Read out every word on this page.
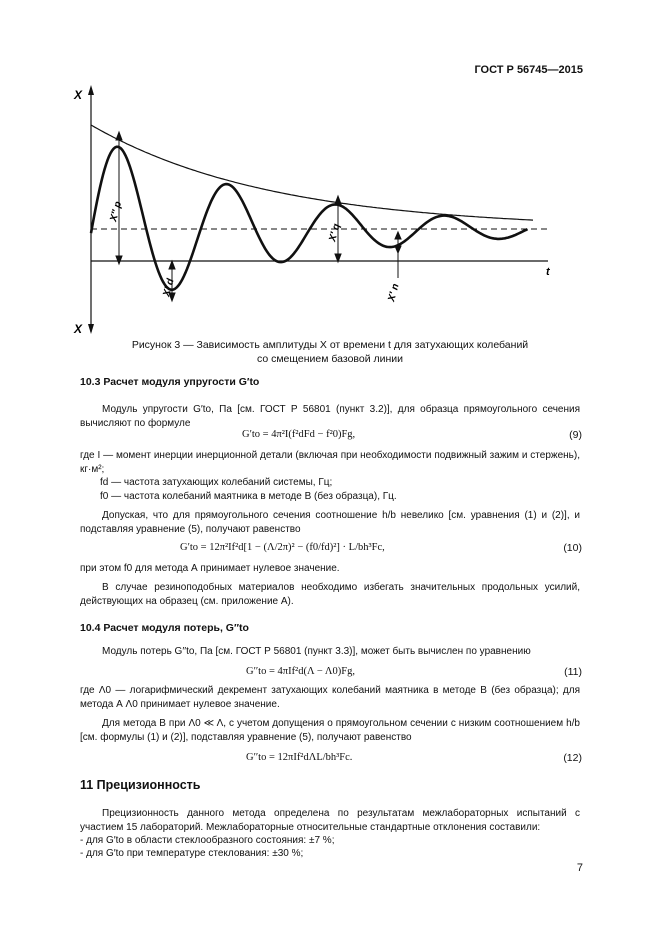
ГОСТ Р 56745—2015
X
X
t
X′′ p
X′ d
X′ q
X′ n
Рисунок 3 — Зависимость амплитуды X от времени t для затухающих колебаний
со смещением базовой линии
10.3 Расчет модуля упругости G′to
Модуль упругости G′to, Па [см. ГОСТ Р 56801 (пункт 3.2)], для образца прямоугольного сечения вычисляют по формуле
G′to = 4π²I(f²dFd − f²0)Fg,	(9)
где I — момент инерции инерционной детали (включая при необходимости подвижный зажим и стержень), кг·м²;
fd — частота затухающих колебаний системы, Гц;
f0 — частота колебаний маятника в методе В (без образца), Гц.
Допуская, что для прямоугольного сечения соотношение h/b невелико [см. уравнения (1) и (2)], и подставляя уравнение (5), получают равенство
G′to = 12π²If²d[1 − (Λ/2π)² − (f0/fd)²] · L/bh³Fc,	(10)
при этом f0 для метода А принимает нулевое значение.
В случае резиноподобных материалов необходимо избегать значительных продольных усилий, действующих на образец (см. приложение А).
10.4 Расчет модуля потерь, G′′to
Модуль потерь G′′to, Па [см. ГОСТ Р 56801 (пункт 3.3)], может быть вычислен по уравнению
G′′to = 4πIf²d(Λ − Λ0)Fg,	(11)
где Λ0 — логарифмический декремент затухающих колебаний маятника в методе В (без образца); для метода А Λ0 принимает нулевое значение.
Для метода В при Λ0 ≪ Λ, с учетом допущения о прямоугольном сечении с низким соотношением h/b [см. формулы (1) и (2)], подставляя уравнение (5), получают равенство
G′′to = 12πIf²dΛL/bh³Fc.	(12)
11 Прецизионность
Прецизионность данного метода определена по результатам межлабораторных испытаний с участием 15 лабораторий. Межлабораторные относительные стандартные отклонения составили:
- для G′to в области стеклообразного состояния: ±7 %;
- для G′to при температуре стеклования: ±30 %;
7
